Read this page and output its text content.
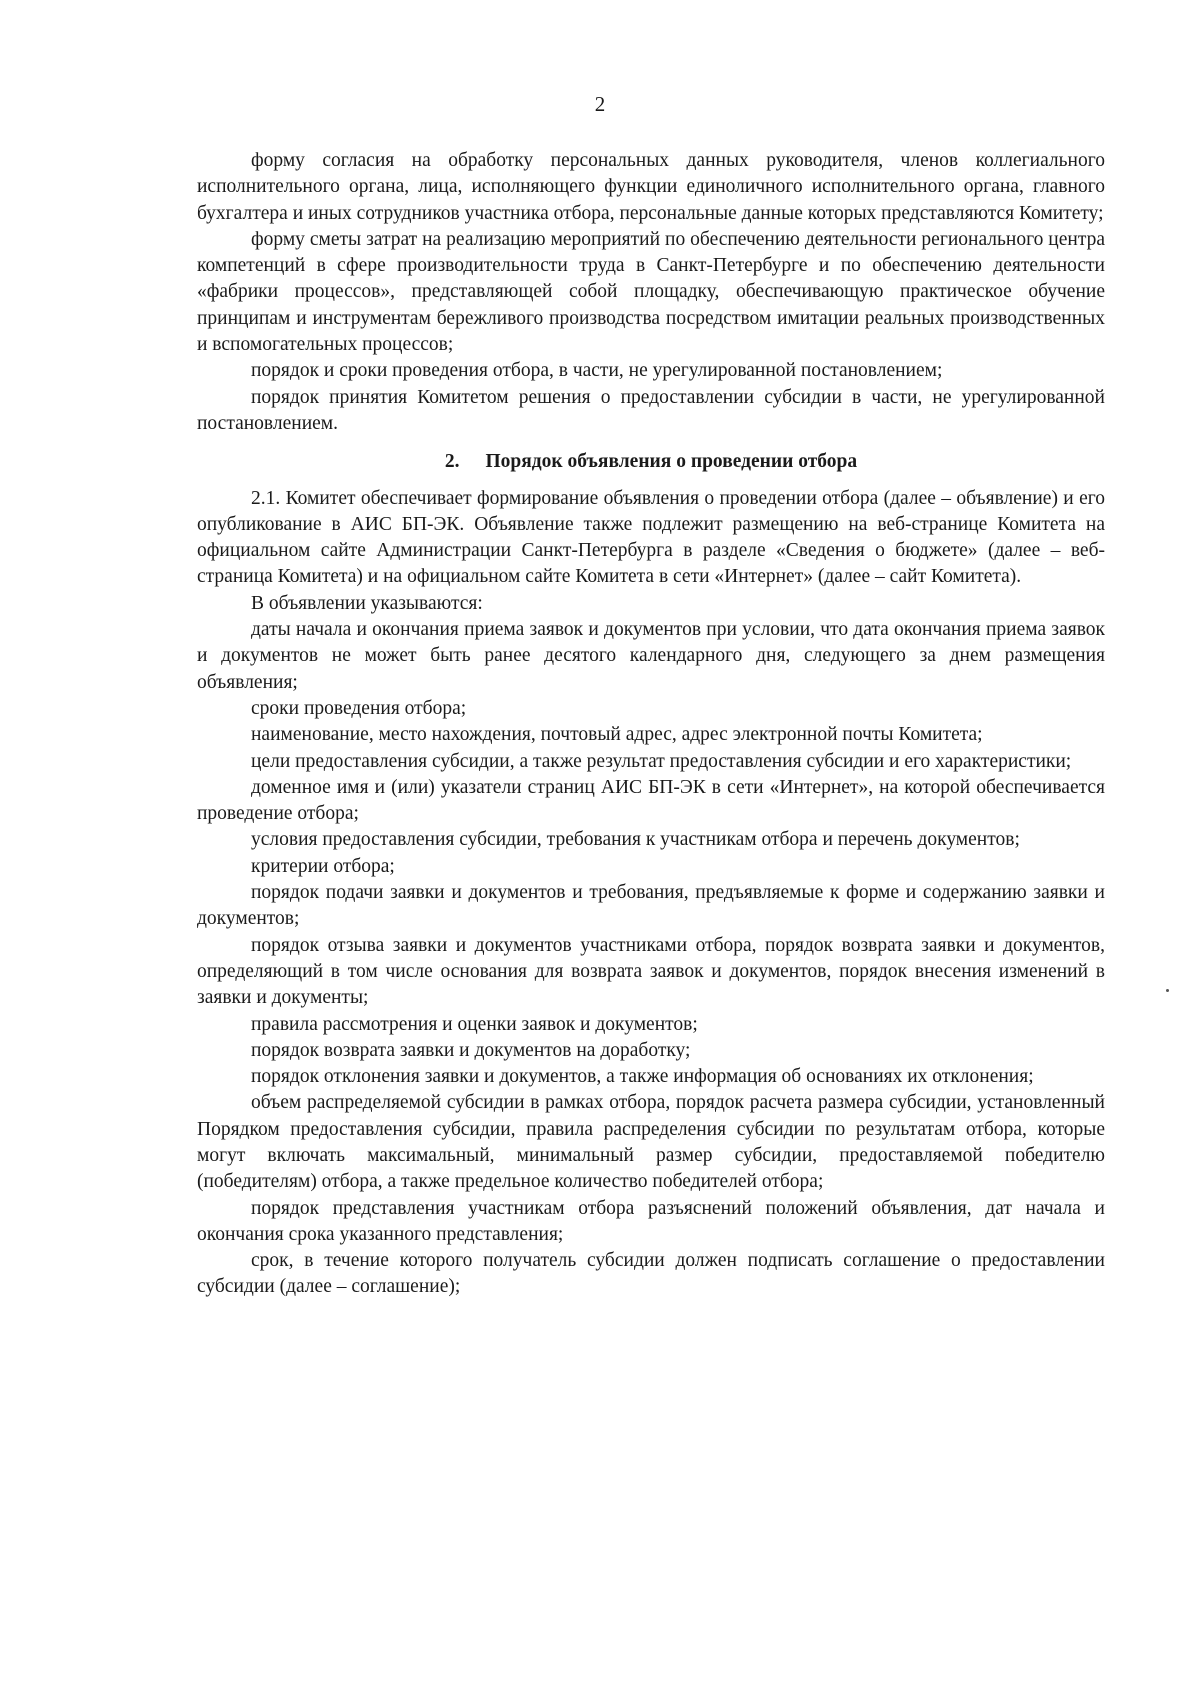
2

форму согласия на обработку персональных данных руководителя, членов коллегиального исполнительного органа, лица, исполняющего функции единоличного исполнительного органа, главного бухгалтера и иных сотрудников участника отбора, персональные данные которых представляются Комитету;

форму сметы затрат на реализацию мероприятий по обеспечению деятельности регионального центра компетенций в сфере производительности труда в Санкт-Петербурге и по обеспечению деятельности «фабрики процессов», представляющей собой площадку, обеспечивающую практическое обучение принципам и инструментам бережливого производства посредством имитации реальных производственных и вспомогательных процессов;

порядок и сроки проведения отбора, в части, не урегулированной постановлением;

порядок принятия Комитетом решения о предоставлении субсидии в части, не урегулированной постановлением.

2. Порядок объявления о проведении отбора

2.1. Комитет обеспечивает формирование объявления о проведении отбора (далее – объявление) и его опубликование в АИС БП-ЭК. Объявление также подлежит размещению на веб-странице Комитета на официальном сайте Администрации Санкт-Петербурга в разделе «Сведения о бюджете» (далее – веб-страница Комитета) и на официальном сайте Комитета в сети «Интернет» (далее – сайт Комитета).

В объявлении указываются:

даты начала и окончания приема заявок и документов при условии, что дата окончания приема заявок и документов не может быть ранее десятого календарного дня, следующего за днем размещения объявления;

сроки проведения отбора;

наименование, место нахождения, почтовый адрес, адрес электронной почты Комитета;

цели предоставления субсидии, а также результат предоставления субсидии и его характеристики;

доменное имя и (или) указатели страниц АИС БП-ЭК в сети «Интернет», на которой обеспечивается проведение отбора;

условия предоставления субсидии, требования к участникам отбора и перечень документов;

критерии отбора;

порядок подачи заявки и документов и требования, предъявляемые к форме и содержанию заявки и документов;

порядок отзыва заявки и документов участниками отбора, порядок возврата заявки и документов, определяющий в том числе основания для возврата заявок и документов, порядок внесения изменений в заявки и документы;

правила рассмотрения и оценки заявок и документов;

порядок возврата заявки и документов на доработку;

порядок отклонения заявки и документов, а также информация об основаниях их отклонения;

объем распределяемой субсидии в рамках отбора, порядок расчета размера субсидии, установленный Порядком предоставления субсидии, правила распределения субсидии по результатам отбора, которые могут включать максимальный, минимальный размер субсидии, предоставляемой победителю (победителям) отбора, а также предельное количество победителей отбора;

порядок представления участникам отбора разъяснений положений объявления, дат начала и окончания срока указанного представления;

срок, в течение которого получатель субсидии должен подписать соглашение о предоставлении субсидии (далее – соглашение);
